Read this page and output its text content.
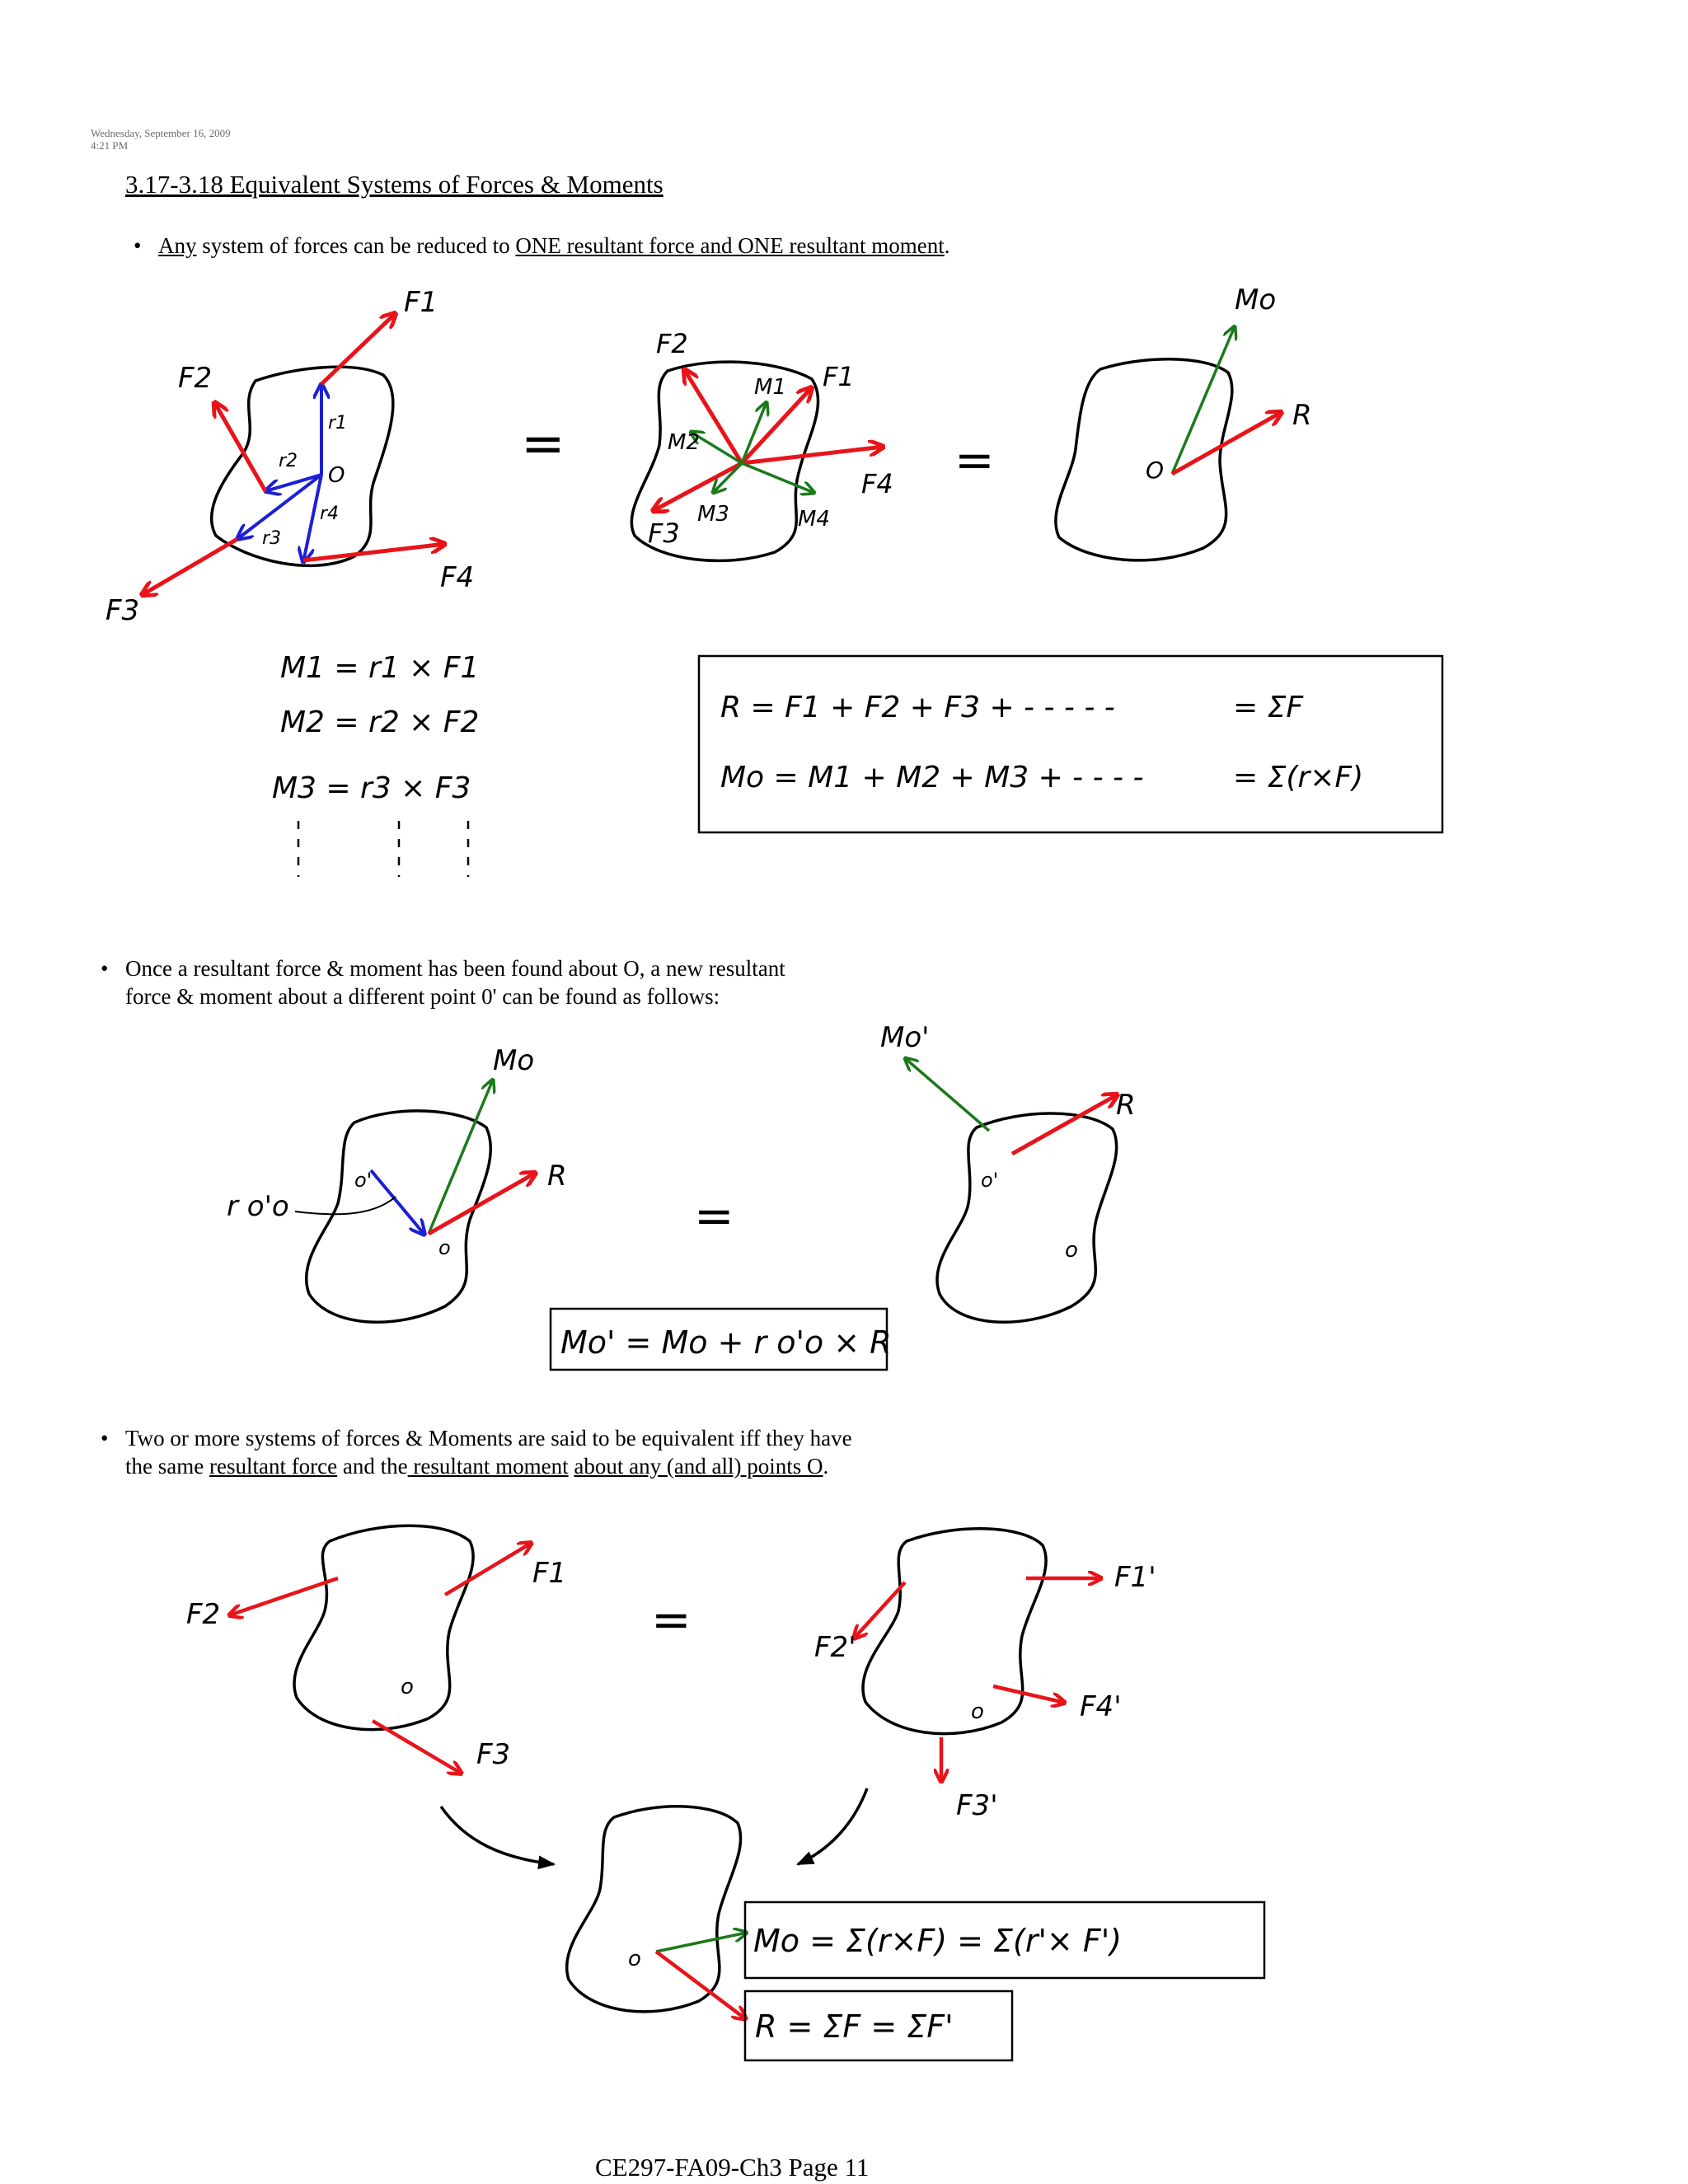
Wednesday, September 16, 2009
4:21 PM
3.17-3.18 Equivalent Systems of Forces & Moments
• Any system of forces can be reduced to ONE resultant force and ONE resultant moment.
• Once a resultant force & moment has been found about O, a new resultant
force & moment about a different point 0' can be found as follows:
• Two or more systems of forces & Moments are said to be equivalent iff they have
the same resultant force and the resultant moment about any (and all) points O.
F1
F2
F3
F4
r1
r2
r3
r4
O
=
F1
F2
F3
F4
M1
M2
M3	M4
=
Mo
R
O
M1 = r1 × F1
M2 = r2 × F2
M3 = r3 × F3
R = F1 + F2 + F3 + - - - - -	= ΣF
Mo = M1 + M2 + M3 + - - - -	= Σ(r×F)
Mo
R
r o'o
o'
o
=
Mo'
R
o'
o
Mo' = Mo + r o'o × R
F1
F2
F3
o
=
F1'
F2'
F3'
F4'
o
o	Mo = Σ(r×F) = Σ(r'× F')
R = ΣF = ΣF'
CE297-FA09-Ch3 Page 11
